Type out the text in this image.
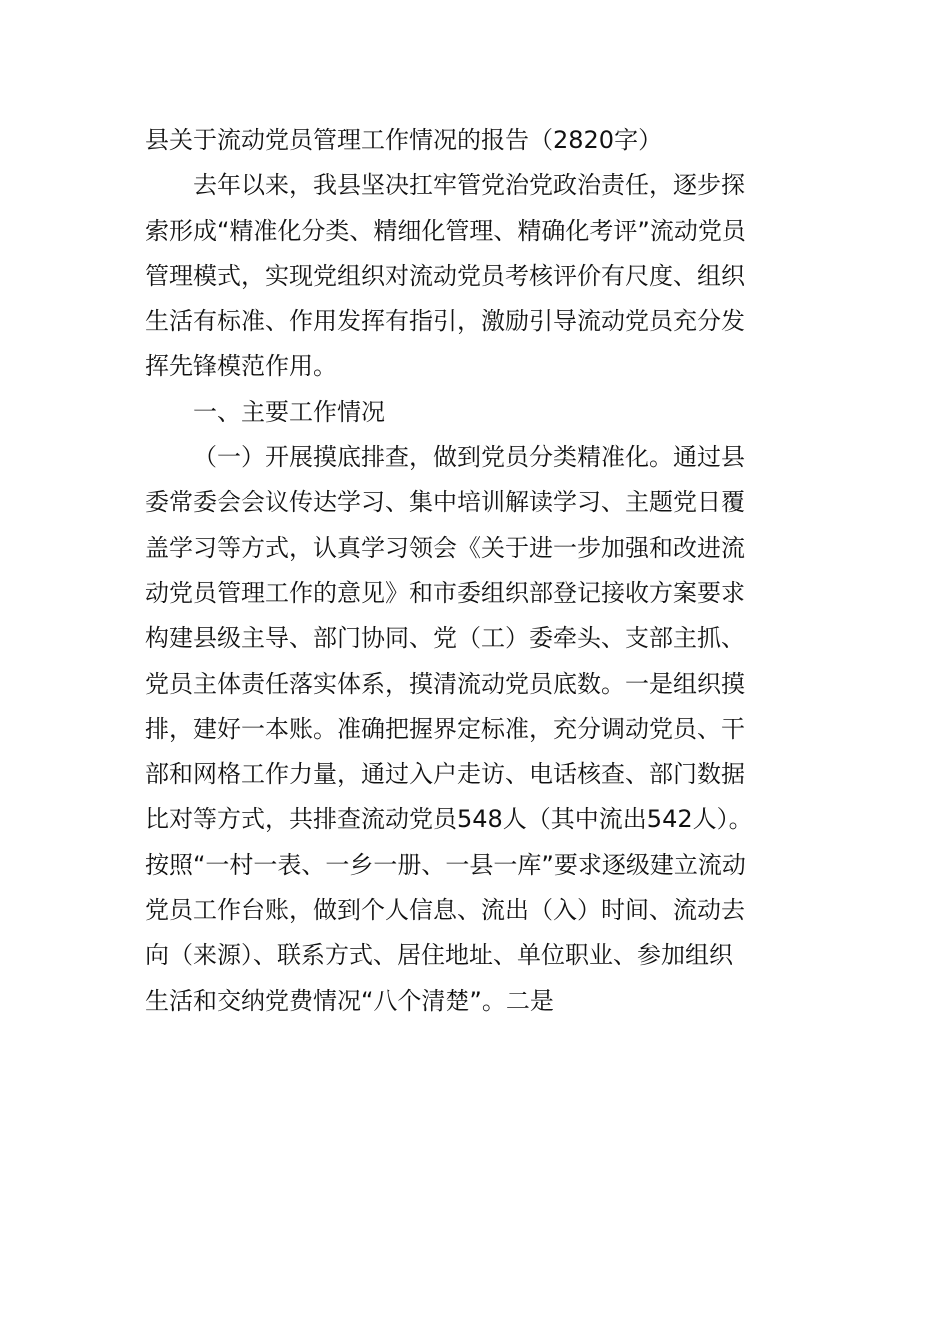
县关于流动党员管理工作情况的报告（2820字）
去年以来，我县坚决扛牢管党治党政治责任，逐步探
索形成“精准化分类、精细化管理、精确化考评”流动党员
管理模式，实现党组织对流动党员考核评价有尺度、组织
生活有标准、作用发挥有指引，激励引导流动党员充分发
挥先锋模范作用。
一、主要工作情况
（一）开展摸底排查，做到党员分类精准化。通过县
委常委会会议传达学习、集中培训解读学习、主题党日覆
盖学习等方式，认真学习领会《关于进一步加强和改进流
动党员管理工作的意见》和市委组织部登记接收方案要求
构建县级主导、部门协同、党（工）委牵头、支部主抓、
党员主体责任落实体系，摸清流动党员底数。一是组织摸
排，建好一本账。准确把握界定标准，充分调动党员、干
部和网格工作力量，通过入户走访、电话核查、部门数据
比对等方式，共排查流动党员548人（其中流出542人）。
按照“一村一表、一乡一册、一县一库”要求逐级建立流动
党员工作台账，做到个人信息、流出（入）时间、流动去
向（来源）、联系方式、居住地址、单位职业、参加组织
生活和交纳党费情况“八个清楚”。二是
